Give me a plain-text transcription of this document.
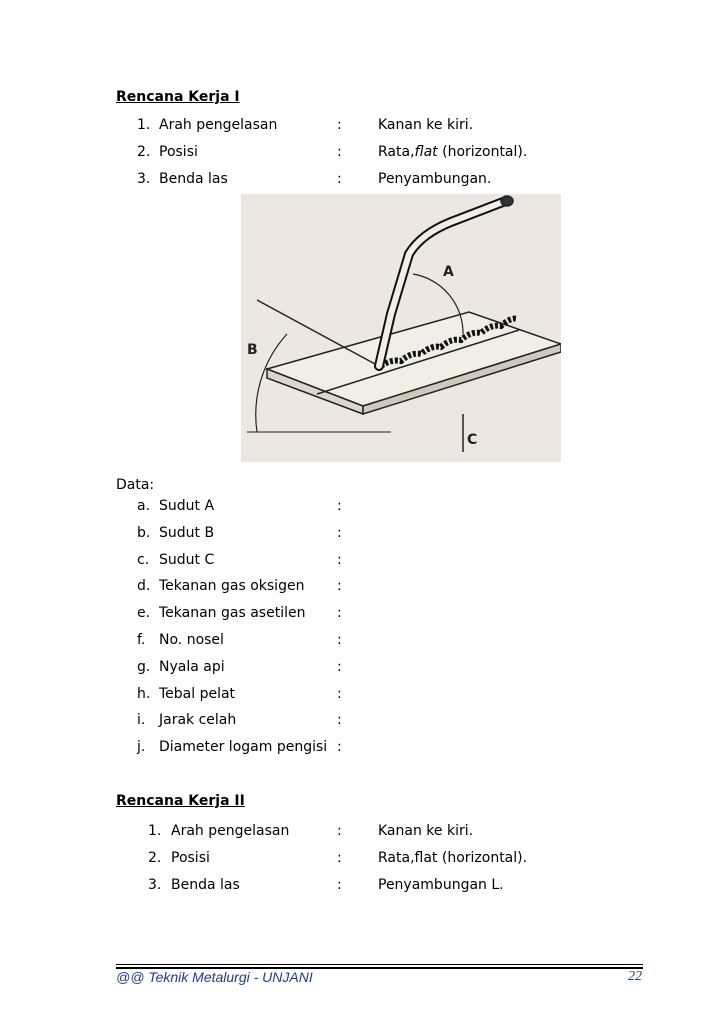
Rencana Kerja I
1. Arah pengelasan	:	Kanan ke kiri.
2. Posisi	:	Rata,flat (horizontal).
3. Benda las	:	Penyambungan.
A
B
C
Data:
a. Sudut A	:
b. Sudut B	:
c. Sudut C	:
d. Tekanan gas oksigen :
e. Tekanan gas asetilen :
f. No. nosel	:
g. Nyala api	:
h. Tebal pelat	:
i. Jarak celah	:
j. Diameter logam pengisi :
Rencana Kerja II
1. Arah pengelasan	:	Kanan ke kiri.
2. Posisi	:	Rata,flat (horizontal).
3. Benda las	:	Penyambungan L.
@@ Teknik Metalurgi - UNJANI	22
